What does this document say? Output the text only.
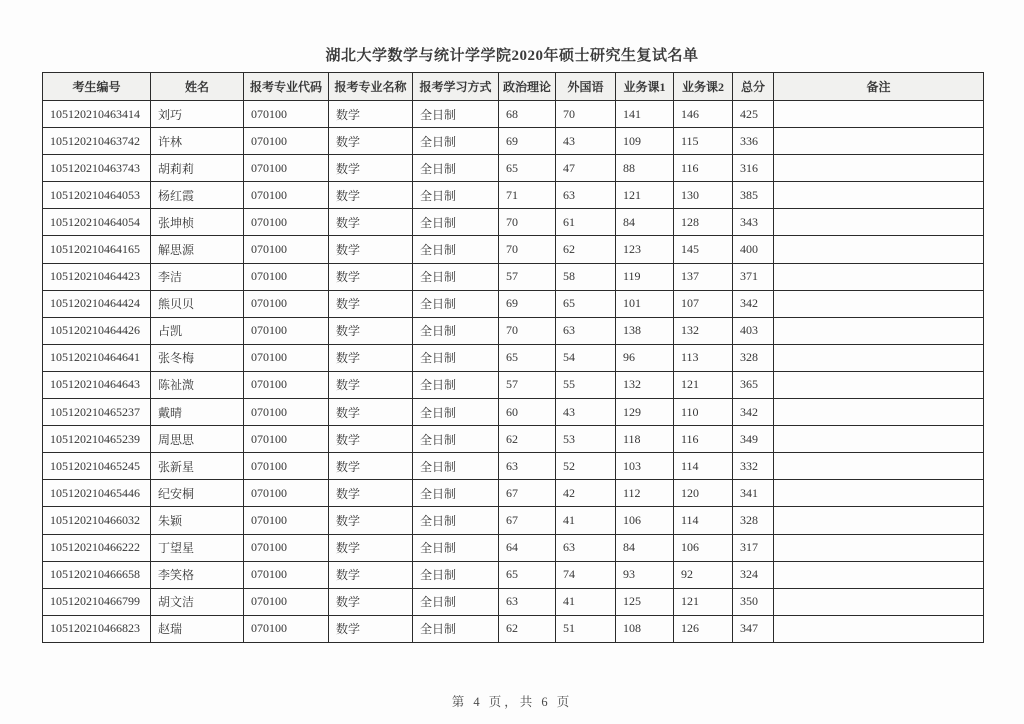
湖北大学数学与统计学学院2020年硕士研究生复试名单
考生编号	姓名	报考专业代码	报考专业名称	报考学习方式	政治理论	外国语	业务课1	业务课2	总分	备注
105120210463414	刘巧	070100	数学	全日制	68	70	141	146	425	
105120210463742	许林	070100	数学	全日制	69	43	109	115	336	
105120210463743	胡莉莉	070100	数学	全日制	65	47	88	116	316	
105120210464053	杨红霞	070100	数学	全日制	71	63	121	130	385	
105120210464054	张坤桢	070100	数学	全日制	70	61	84	128	343	
105120210464165	解思源	070100	数学	全日制	70	62	123	145	400	
105120210464423	李洁	070100	数学	全日制	57	58	119	137	371	
105120210464424	熊贝贝	070100	数学	全日制	69	65	101	107	342	
105120210464426	占凯	070100	数学	全日制	70	63	138	132	403	
105120210464641	张冬梅	070100	数学	全日制	65	54	96	113	328	
105120210464643	陈祉溦	070100	数学	全日制	57	55	132	121	365	
105120210465237	戴晴	070100	数学	全日制	60	43	129	110	342	
105120210465239	周思思	070100	数学	全日制	62	53	118	116	349	
105120210465245	张新星	070100	数学	全日制	63	52	103	114	332	
105120210465446	纪安桐	070100	数学	全日制	67	42	112	120	341	
105120210466032	朱颖	070100	数学	全日制	67	41	106	114	328	
105120210466222	丁望星	070100	数学	全日制	64	63	84	106	317	
105120210466658	李笑格	070100	数学	全日制	65	74	93	92	324	
105120210466799	胡文洁	070100	数学	全日制	63	41	125	121	350	
105120210466823	赵瑞	070100	数学	全日制	62	51	108	126	347	
第 4 页，共 6 页
